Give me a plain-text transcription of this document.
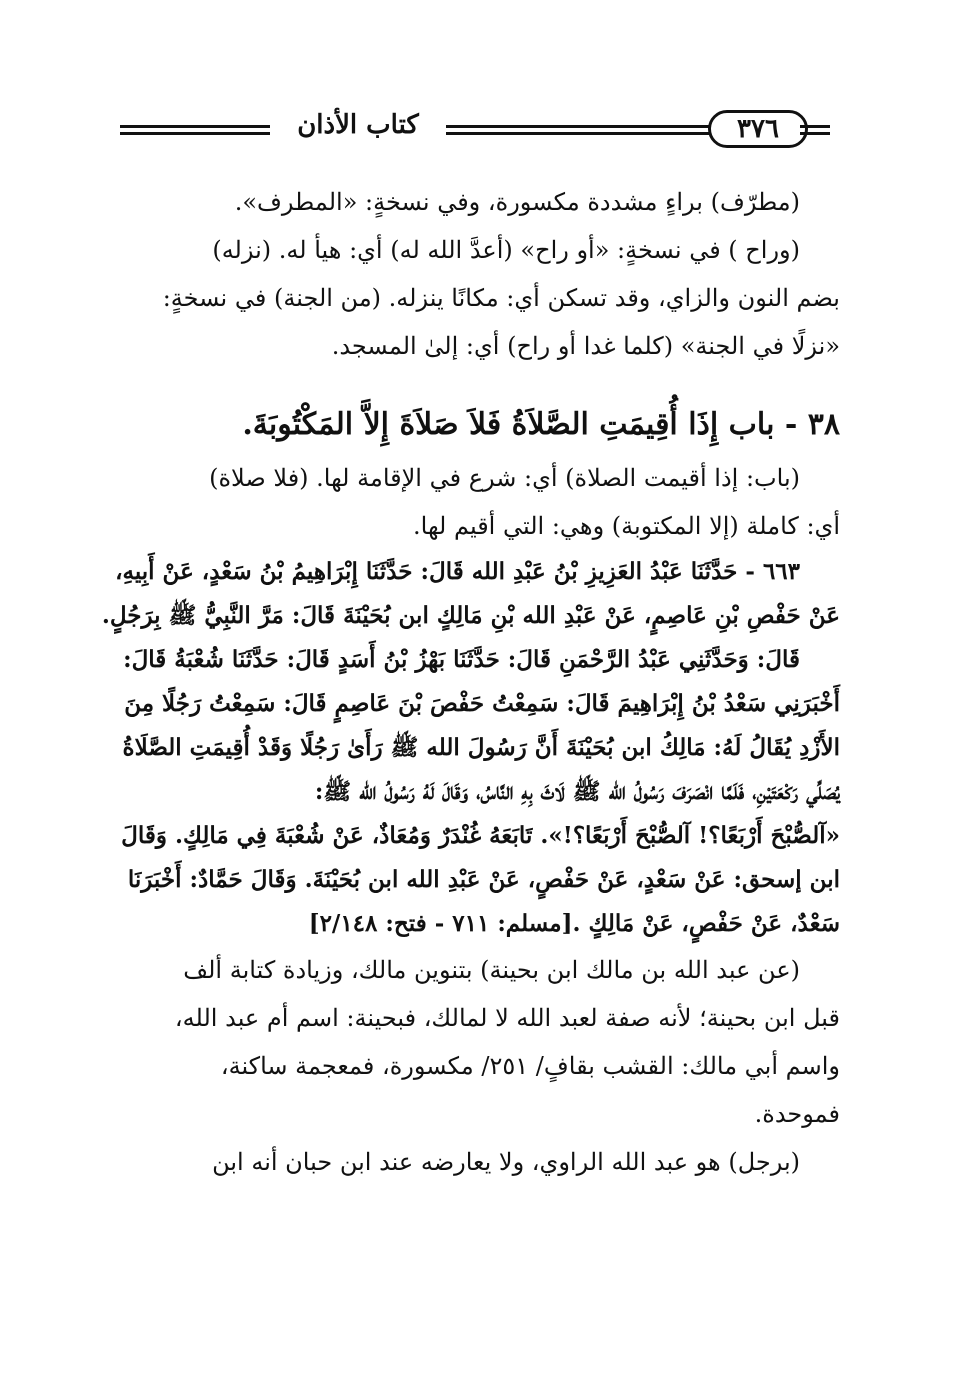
كتاب الأذان	٣٧٦

(مطرّف) براءٍ مشددة مكسورة، وفي نسخةٍ: «المطرف».

(وراح ) في نسخةٍ: «أو راح» (أعدَّ الله له) أي: هيأ له. (نزله)

بضم النون والزاي، وقد تسكن أي: مكانًا ينزله. (من الجنة) في نسخةٍ:

«نزلًا في الجنة» (كلما غدا أو راح) أي: إلىٰ المسجد.

٣٨ - باب إِذَا أُقِيمَتِ الصَّلاَةُ فَلاَ صَلاَةَ إِلاَّ المَكْتُوبَةَ.

(باب: إذا أقيمت الصلاة) أي: شرع في الإقامة لها. (فلا صلاة)

أي: كاملة (إلا المكتوبة) وهي: التي أقيم لها.

٦٦٣ - حَدَّثَنَا عَبْدُ العَزِيزِ بْنُ عَبْدِ الله قَالَ: حَدَّثَنَا إِبْرَاهِيمُ بْنُ سَعْدٍ، عَنْ أَبِيهِ،

عَنْ حَفْصِ بْنِ عَاصِمٍ، عَنْ عَبْدِ الله بْنِ مَالِكٍ ابن بُحَيْنَةَ قَالَ: مَرَّ النَّبِيُّ ﷺ بِرَجُلٍ.

قَالَ: وَحَدَّثَنِي عَبْدُ الرَّحْمَنِ قَالَ: حَدَّثَنَا بَهْزُ بْنُ أَسَدٍ قَالَ: حَدَّثَنَا شُعْبَةُ قَالَ:

أَخْبَرَنِي سَعْدُ بْنُ إِبْرَاهِيمَ قَالَ: سَمِعْتُ حَفْصَ بْنَ عَاصِمٍ قَالَ: سَمِعْتُ رَجُلًا مِنَ

الأَزْدِ يُقَالُ لَهُ: مَالِكُ ابن بُحَيْنَةَ أَنَّ رَسُولَ الله ﷺ رَأَىٰ رَجُلًا وَقَدْ أُقِيمَتِ الصَّلَاةُ

يُصَلِّي رَكْعَتَيْنِ، فَلَمَّا انْصَرَفَ رَسُولُ الله ﷺ لَاثَ بِهِ النَّاسُ، وَقَالَ لَهُ رَسُولُ الله ﷺ:

«آلصُّبْحَ أَرْبَعًا؟! آلصُّبْحَ أَرْبَعًا؟!». تَابَعَهُ غُنْدَرٌ وَمُعَاذٌ، عَنْ شُعْبَةَ فِي مَالِكٍ. وَقَالَ

ابن إسحق: عَنْ سَعْدٍ، عَنْ حَفْصٍ، عَنْ عَبْدِ الله ابن بُحَيْنَةَ. وَقَالَ حَمَّادٌ: أَخْبَرَنَا

سَعْدٌ، عَنْ حَفْصٍ، عَنْ مَالِكٍ .[مسلم: ٧١١ - فتح: ٢/١٤٨]

(عن عبد الله بن مالك ابن بحينة) بتنوين مالك، وزيادة كتابة ألف

قبل ابن بحينة؛ لأنه صفة لعبد الله لا لمالك، فبحينة: اسم أم عبد الله،

واسم أبي مالك: القشب بقافٍ/ ٢٥١/ مكسورة، فمعجمة ساكنة،

فموحدة.

(برجل) هو عبد الله الراوي، ولا يعارضه عند ابن حبان أنه ابن
